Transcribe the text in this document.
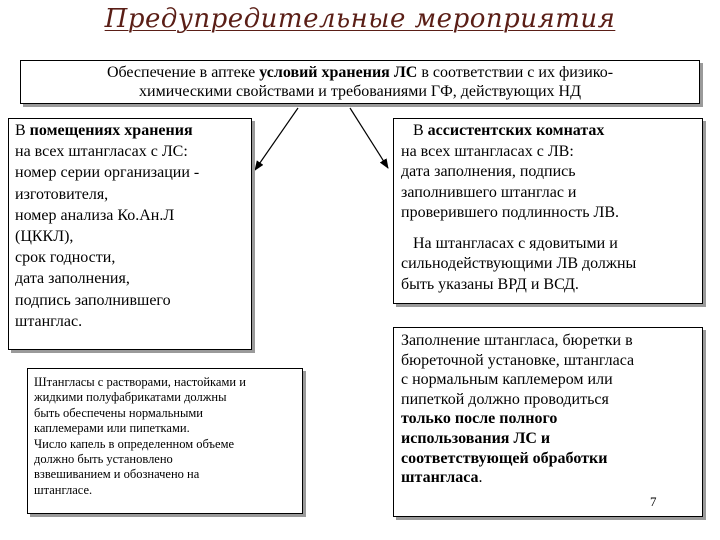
Предупредительные мероприятия
Обеспечение в аптеке условий хранения ЛС в соответствии с их физико-
химическими свойствами и требованиями ГФ, действующих НД
В помещениях хранения
на всех штангласах с ЛС:
номер серии организации -
изготовителя,
номер анализа Ко.Ан.Л
(ЦККЛ),
срок годности,
дата заполнения,
подпись заполнившего
штанглас.
Штангласы с растворами, настойками и
жидкими полуфабрикатами должны
быть обеспечены нормальными
каплемерами или пипетками.
Число капель в определенном объеме
должно быть установлено
взвешиванием и обозначено на
штангласе.
В ассистентских комнатах
на всех штангласах с ЛВ:
дата заполнения, подпись
заполнившего штанглас и
проверившего подлинность ЛВ.
На штангласах с ядовитыми и
сильнодействующими ЛВ должны
быть указаны ВРД и ВСД.
Заполнение штангласа, бюретки в
бюреточной установке, штангласа
с нормальным каплемером или
пипеткой должно проводиться
только после полного
использования ЛС и
соответствующей обработки
штангласа.
7
